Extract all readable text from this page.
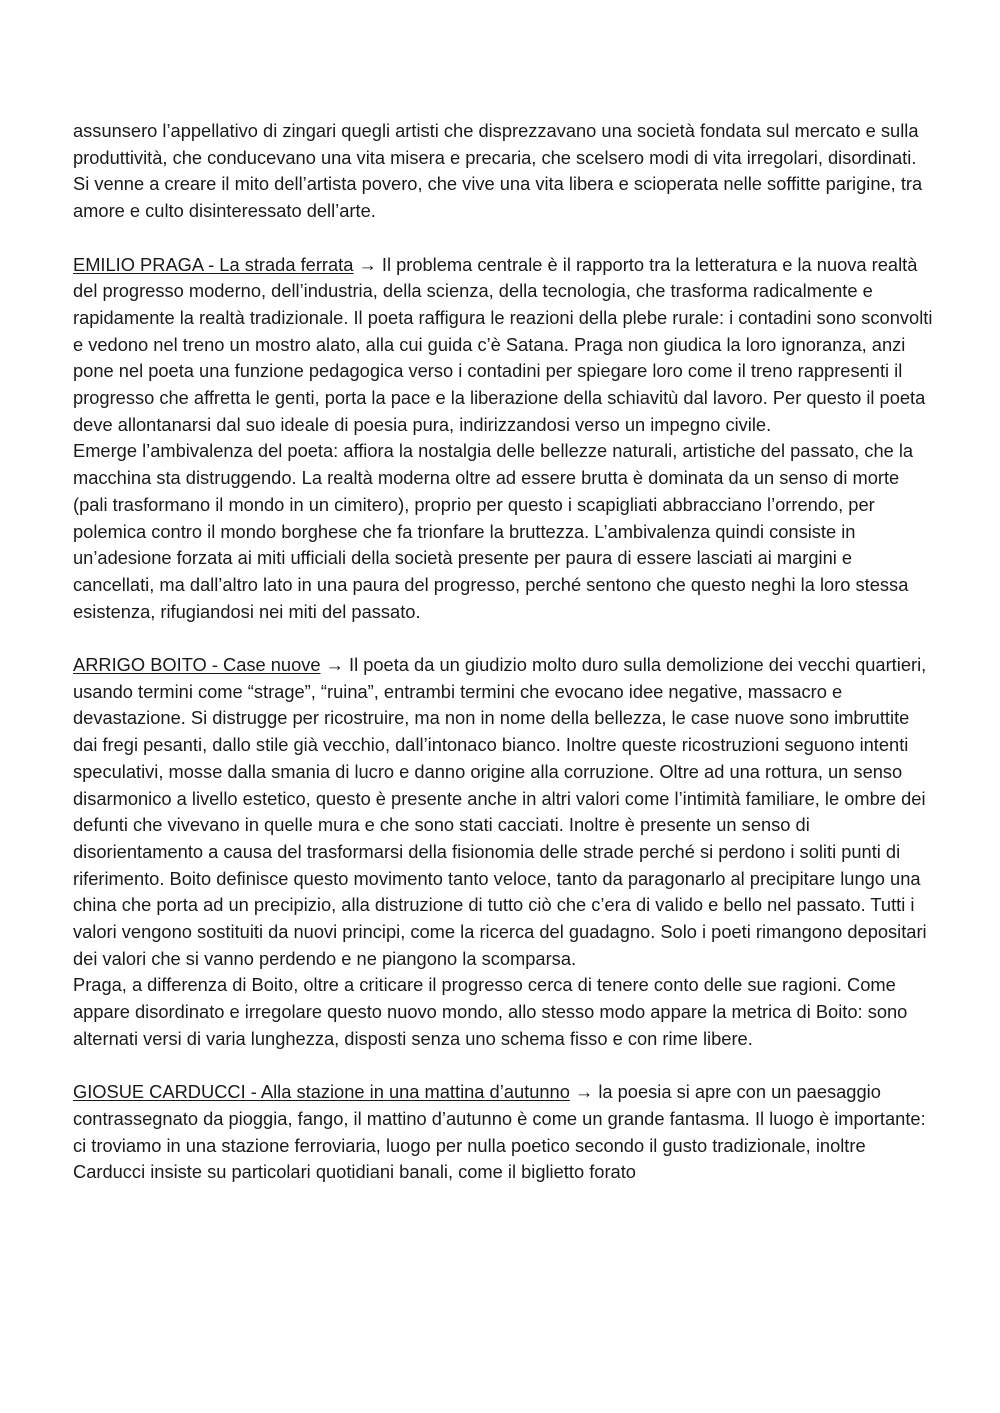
assunsero l’appellativo di zingari quegli artisti che disprezzavano una società fondata sul mercato e sulla produttività, che conducevano una vita misera e precaria, che scelsero modi di vita irregolari, disordinati. Si venne a creare il mito dell’artista povero, che vive una vita libera e scioperata nelle soffitte parigine, tra amore e culto disinteressato dell’arte.

EMILIO PRAGA - La strada ferrata → Il problema centrale è il rapporto tra la letteratura e la nuova realtà del progresso moderno, dell’industria, della scienza, della tecnologia, che trasforma radicalmente e rapidamente la realtà tradizionale. Il poeta raffigura le reazioni della plebe rurale: i contadini sono sconvolti e vedono nel treno un mostro alato, alla cui guida c’è Satana. Praga non giudica la loro ignoranza, anzi pone nel poeta una funzione pedagogica verso i contadini per spiegare loro come il treno rappresenti il progresso che affretta le genti, porta la pace e la liberazione della schiavitù dal lavoro. Per questo il poeta deve allontanarsi dal suo ideale di poesia pura, indirizzandosi verso un impegno civile.

Emerge l’ambivalenza del poeta: affiora la nostalgia delle bellezze naturali, artistiche del passato, che la macchina sta distruggendo. La realtà moderna oltre ad essere brutta è dominata da un senso di morte (pali trasformano il mondo in un cimitero), proprio per questo i scapigliati abbracciano l’orrendo, per polemica contro il mondo borghese che fa trionfare la bruttezza. L’ambivalenza quindi consiste in un’adesione forzata ai miti ufficiali della società presente per paura di essere lasciati ai margini e cancellati, ma dall’altro lato in una paura del progresso, perché sentono che questo neghi la loro stessa esistenza, rifugiandosi nei miti del passato.

ARRIGO BOITO - Case nuove → Il poeta da un giudizio molto duro sulla demolizione dei vecchi quartieri, usando termini come “strage”, “ruina”, entrambi termini che evocano idee negative, massacro e devastazione. Si distrugge per ricostruire, ma non in nome della bellezza, le case nuove sono imbruttite dai fregi pesanti, dallo stile già vecchio, dall’intonaco bianco. Inoltre queste ricostruzioni seguono intenti speculativi, mosse dalla smania di lucro e danno origine alla corruzione. Oltre ad una rottura, un senso disarmonico a livello estetico, questo è presente anche in altri valori come l’intimità familiare, le ombre dei defunti che vivevano in quelle mura e che sono stati cacciati. Inoltre è presente un senso di disorientamento a causa del trasformarsi della fisionomia delle strade perché si perdono i soliti punti di riferimento. Boito definisce questo movimento tanto veloce, tanto da paragonarlo al precipitare lungo una china che porta ad un precipizio, alla distruzione di tutto ciò che c’era di valido e bello nel passato. Tutti i valori vengono sostituiti da nuovi principi, come la ricerca del guadagno. Solo i poeti rimangono depositari dei valori che si vanno perdendo e ne piangono la scomparsa.

Praga, a differenza di Boito, oltre a criticare il progresso cerca di tenere conto delle sue ragioni. Come appare disordinato e irregolare questo nuovo mondo, allo stesso modo appare la metrica di Boito: sono alternati versi di varia lunghezza, disposti senza uno schema fisso e con rime libere.

GIOSUE CARDUCCI - Alla stazione in una mattina d’autunno → la poesia si apre con un paesaggio contrassegnato da pioggia, fango, il mattino d’autunno è come un grande fantasma. Il luogo è importante: ci troviamo in una stazione ferroviaria, luogo per nulla poetico secondo il gusto tradizionale, inoltre Carducci insiste su particolari quotidiani banali, come il biglietto forato
